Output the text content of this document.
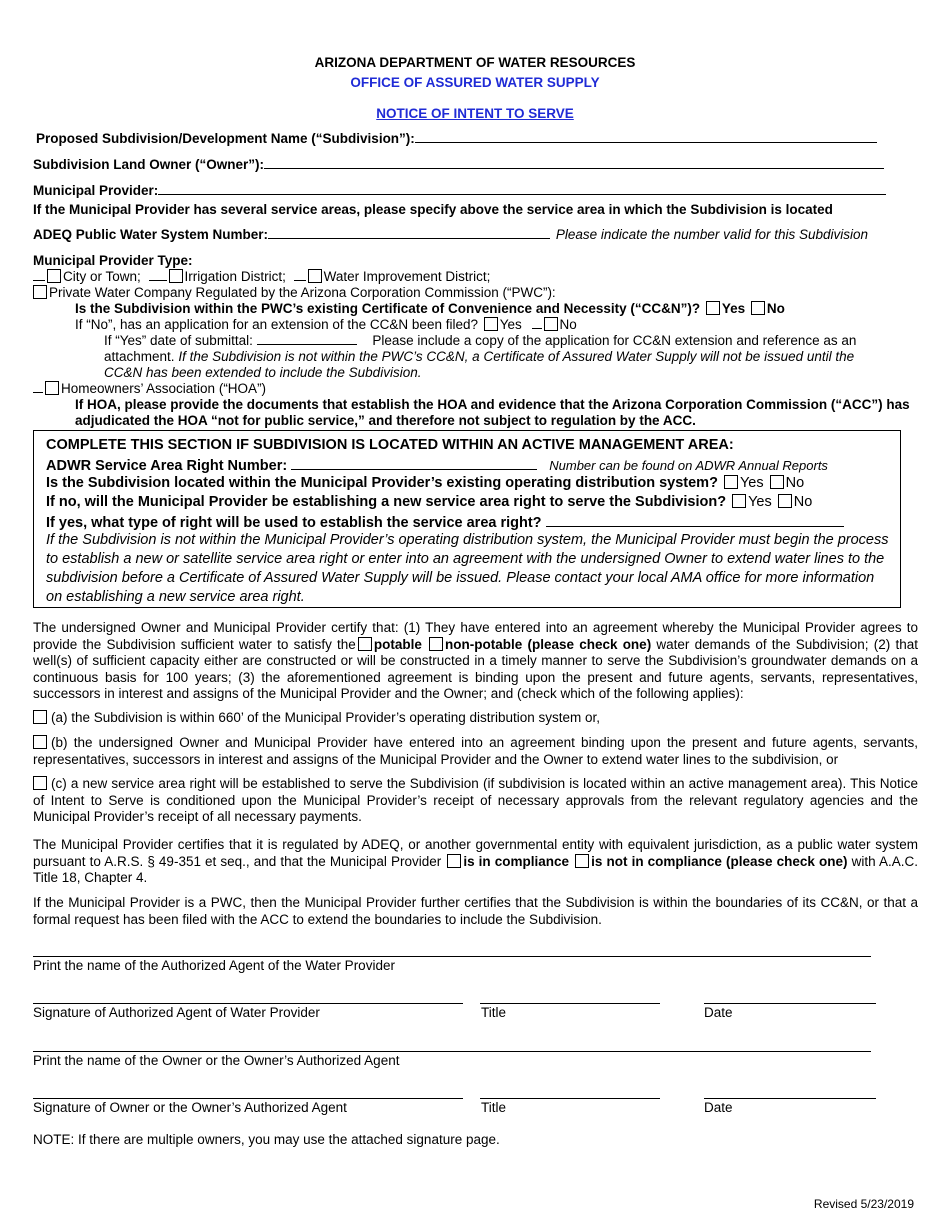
ARIZONA DEPARTMENT OF WATER RESOURCES
OFFICE OF ASSURED WATER SUPPLY
NOTICE OF INTENT TO SERVE
Proposed Subdivision/Development Name (“Subdivision”):
Subdivision Land Owner (“Owner”):
Municipal Provider:
If the Municipal Provider has several service areas, please specify above the service area in which the Subdivision is located
ADEQ Public Water System Number:	Please indicate the number valid for this Subdivision
Municipal Provider Type:
City or Town;	Irrigation District;	Water Improvement District;
Private Water Company Regulated by the Arizona Corporation Commission (“PWC”):
Is the Subdivision within the PWC’s existing Certificate of Convenience and Necessity (“CC&N”)? Yes No
If “No”, has an application for an extension of the CC&N been filed? Yes	No
If “Yes” date of submittal:	Please include a copy of the application for CC&N extension and reference as an
attachment. If the Subdivision is not within the PWC’s CC&N, a Certificate of Assured Water Supply will not be issued until the
CC&N has been extended to include the Subdivision.
Homeowners’ Association (“HOA”)
If HOA, please provide the documents that establish the HOA and evidence that the Arizona Corporation Commission (“ACC”) has
adjudicated the HOA “not for public service,” and therefore not subject to regulation by the ACC.
COMPLETE THIS SECTION IF SUBDIVISION IS LOCATED WITHIN AN ACTIVE MANAGEMENT AREA:
ADWR Service Area Right Number:	Number can be found on ADWR Annual Reports
Is the Subdivision located within the Municipal Provider’s existing operating distribution system? Yes No
If no, will the Municipal Provider be establishing a new service area right to serve the Subdivision? Yes No
If yes, what type of right will be used to establish the service area right?
If the Subdivision is not within the Municipal Provider’s operating distribution system, the Municipal Provider must begin the process to establish a new or satellite service area right or enter into an agreement with the undersigned Owner to extend water lines to the subdivision before a Certificate of Assured Water Supply will be issued. Please contact your local AMA office for more information on establishing a new service area right.
The undersigned Owner and Municipal Provider certify that: (1) They have entered into an agreement whereby the Municipal Provider agrees to provide the Subdivision sufficient water to satisfy the potable non-potable (please check one) water demands of the Subdivision; (2) that well(s) of sufficient capacity either are constructed or will be constructed in a timely manner to serve the Subdivision’s groundwater demands on a continuous basis for 100 years; (3) the aforementioned agreement is binding upon the present and future agents, servants, representatives, successors in interest and assigns of the Municipal Provider and the Owner; and (check which of the following applies):
(a) the Subdivision is within 660’ of the Municipal Provider’s operating distribution system or,
(b) the undersigned Owner and Municipal Provider have entered into an agreement binding upon the present and future agents, servants, representatives, successors in interest and assigns of the Municipal Provider and the Owner to extend water lines to the subdivision, or
(c) a new service area right will be established to serve the Subdivision (if subdivision is located within an active management area). This Notice of Intent to Serve is conditioned upon the Municipal Provider’s receipt of necessary approvals from the relevant regulatory agencies and the Municipal Provider’s receipt of all necessary payments.
The Municipal Provider certifies that it is regulated by ADEQ, or another governmental entity with equivalent jurisdiction, as a public water system pursuant to A.R.S. § 49-351 et seq., and that the Municipal Provider is in compliance is not in compliance (please check one) with A.A.C. Title 18, Chapter 4.
If the Municipal Provider is a PWC, then the Municipal Provider further certifies that the Subdivision is within the boundaries of its CC&N, or that a formal request has been filed with the ACC to extend the boundaries to include the Subdivision.
Print the name of the Authorized Agent of the Water Provider
Signature of Authorized Agent of Water Provider	Title	Date
Print the name of the Owner or the Owner’s Authorized Agent
Signature of Owner or the Owner’s Authorized Agent	Title	Date
NOTE: If there are multiple owners, you may use the attached signature page.
Revised 5/23/2019
